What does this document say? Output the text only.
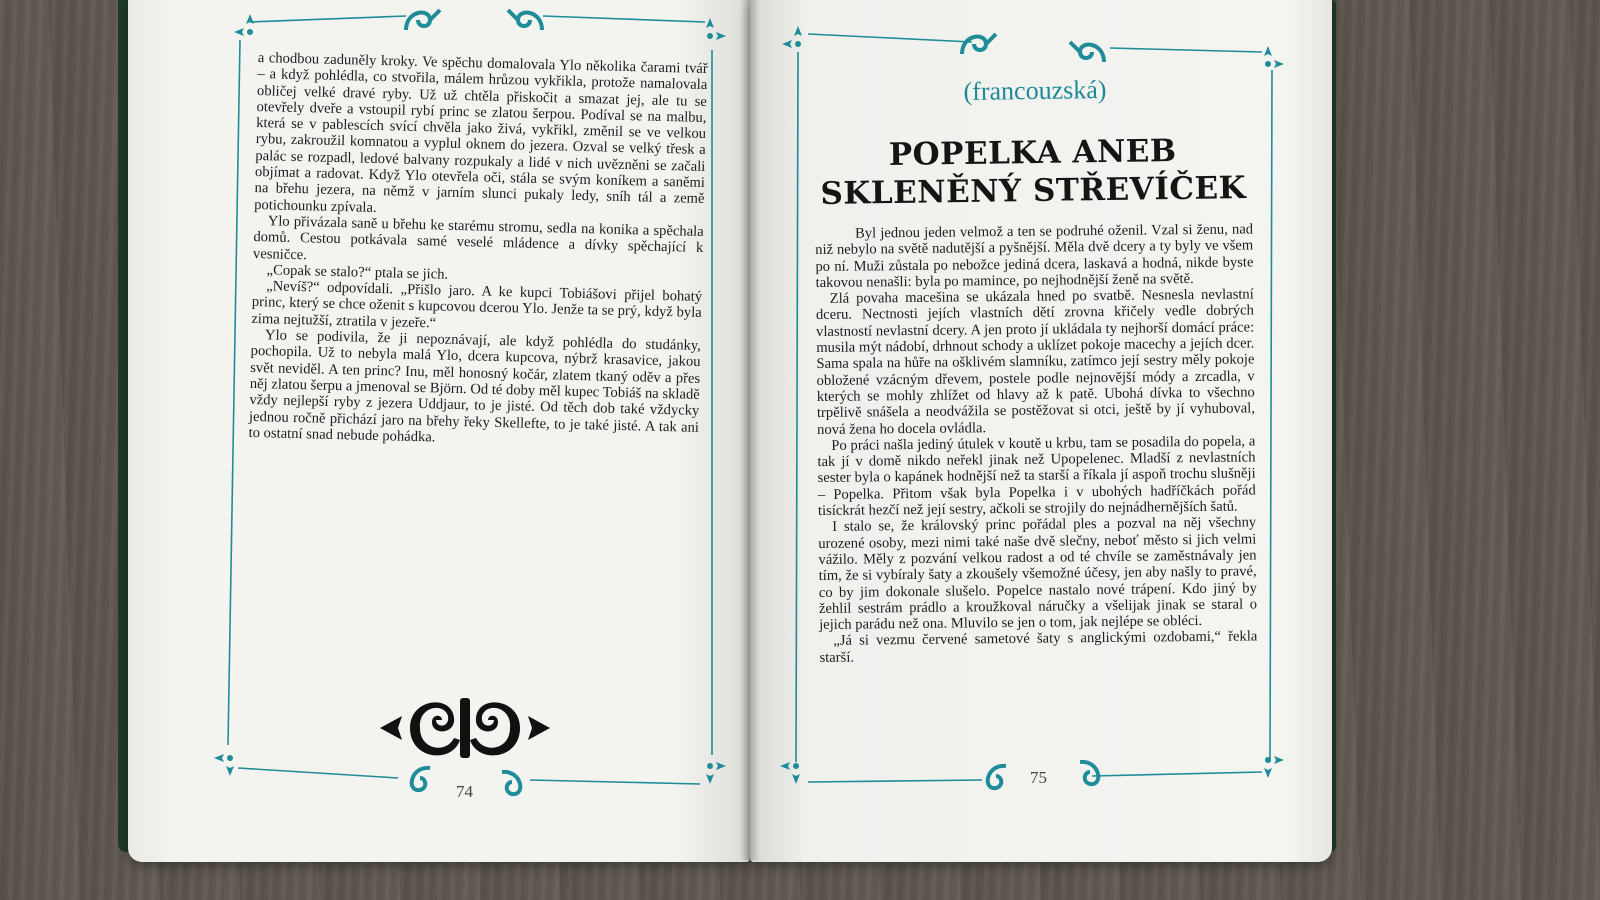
a chodbou zaduněly kroky. Ve spěchu domalovala Ylo několika čarami tvář – a když pohlédla, co stvořila, málem hrůzou vykřikla, protože namalovala obličej velké dravé ryby. Už už chtěla přiskočit a smazat jej, ale tu se otevřely dveře a vstoupil rybí princ se zlatou šerpou. Podíval se na malbu, která se v pablescích svící chvěla jako živá, vykřikl, změnil se ve velkou rybu, zakroužil komnatou a vyplul oknem do jezera. Ozval se velký třesk a palác se rozpadl, ledové balvany rozpukaly a lidé v nich uvězněni se začali objímat a radovat. Když Ylo otevřela oči, stála se svým koníkem a saněmi na břehu jezera, na němž v jarním slunci pukaly ledy, sníh tál a země potichounku zpívala.

Ylo přivázala saně u břehu ke starému stromu, sedla na konika a spěchala domů. Cestou potkávala samé veselé mládence a dívky spěchající k vesničce.

„Copak se stalo?“ ptala se jich.

„Nevíš?“ odpovídali. „Přišlo jaro. A ke kupci Tobiášovi přijel bohatý princ, který se chce oženit s kupcovou dcerou Ylo. Jenže ta se prý, když byla zima nejtužší, ztratila v jezeře.“

Ylo se podivila, že ji nepoznávají, ale když pohlédla do studánky, pochopila. Už to nebyla malá Ylo, dcera kupcova, nýbrž krasavice, jakou svět neviděl. A ten princ? Inu, měl honosný kočár, zlatem tkaný oděv a přes něj zlatou šerpu a jmenoval se Björn. Od té doby měl kupec Tobiáš na skladě vždy nejlepší ryby z jezera Uddjaur, to je jisté. Od těch dob také vždycky jednou ročně přichází jaro na břehy řeky Skellefte, to je také jisté. A tak ani to ostatní snad nebude pohádka.

74
(francouzská)
POPELKA ANEB
SKLENĚNÝ STŘEVÍČEK

Byl jednou jeden velmož a ten se podruhé oženil. Vzal si ženu, nad niž nebylo na světě nadutější a pyšnější. Měla dvě dcery a ty byly ve všem po ní. Muži zůstala po nebožce jediná dcera, laskavá a hodná, nikde byste takovou nenašli: byla po mamince, po nejhodnější ženě na světě.

Zlá povaha macešina se ukázala hned po svatbě. Nesnesla nevlastní dceru. Nectnosti jejích vlastních dětí zrovna křičely vedle dobrých vlastností nevlastní dcery. A jen proto jí ukládala ty nejhorší domácí práce: musila mýt nádobí, drhnout schody a uklízet pokoje macechy a jejích dcer. Sama spala na hůře na ošklivém slamníku, zatímco její sestry měly pokoje obložené vzácným dřevem, postele podle nejnovější módy a zrcadla, v kterých se mohly zhlížet od hlavy až k patě. Ubohá dívka to všechno trpělivě snášela a neodvážila se postěžovat si otci, ještě by jí vyhuboval, nová žena ho docela ovládla.

Po práci našla jediný útulek v koutě u krbu, tam se posadila do popela, a tak jí v domě nikdo neřekl jinak než Upopelenec. Mladší z nevlastních sester byla o kapánek hodnější než ta starší a říkala jí aspoň trochu slušněji – Popelka. Přitom však byla Popelka i v ubohých hadříčkách pořád tisíckrát hezčí než její sestry, ačkoli se strojily do nejnádhernějších šatů.

I stalo se, že královský princ pořádal ples a pozval na něj všechny urozené osoby, mezi nimi také naše dvě slečny, neboť město si jich velmi vážilo. Měly z pozvání velkou radost a od té chvíle se zaměstnávaly jen tím, že si vybíraly šaty a zkoušely všemožné účesy, jen aby našly to pravé, co by jim dokonale slušelo. Popelce nastalo nové trápení. Kdo jiný by žehlil sestrám prádlo a kroužkoval náručky a všelijak jinak se staral o jejich parádu než ona. Mluvilo se jen o tom, jak nejlépe se obléci.

„Já si vezmu červené sametové šaty s anglickými ozdobami,“ řekla starší.

75
